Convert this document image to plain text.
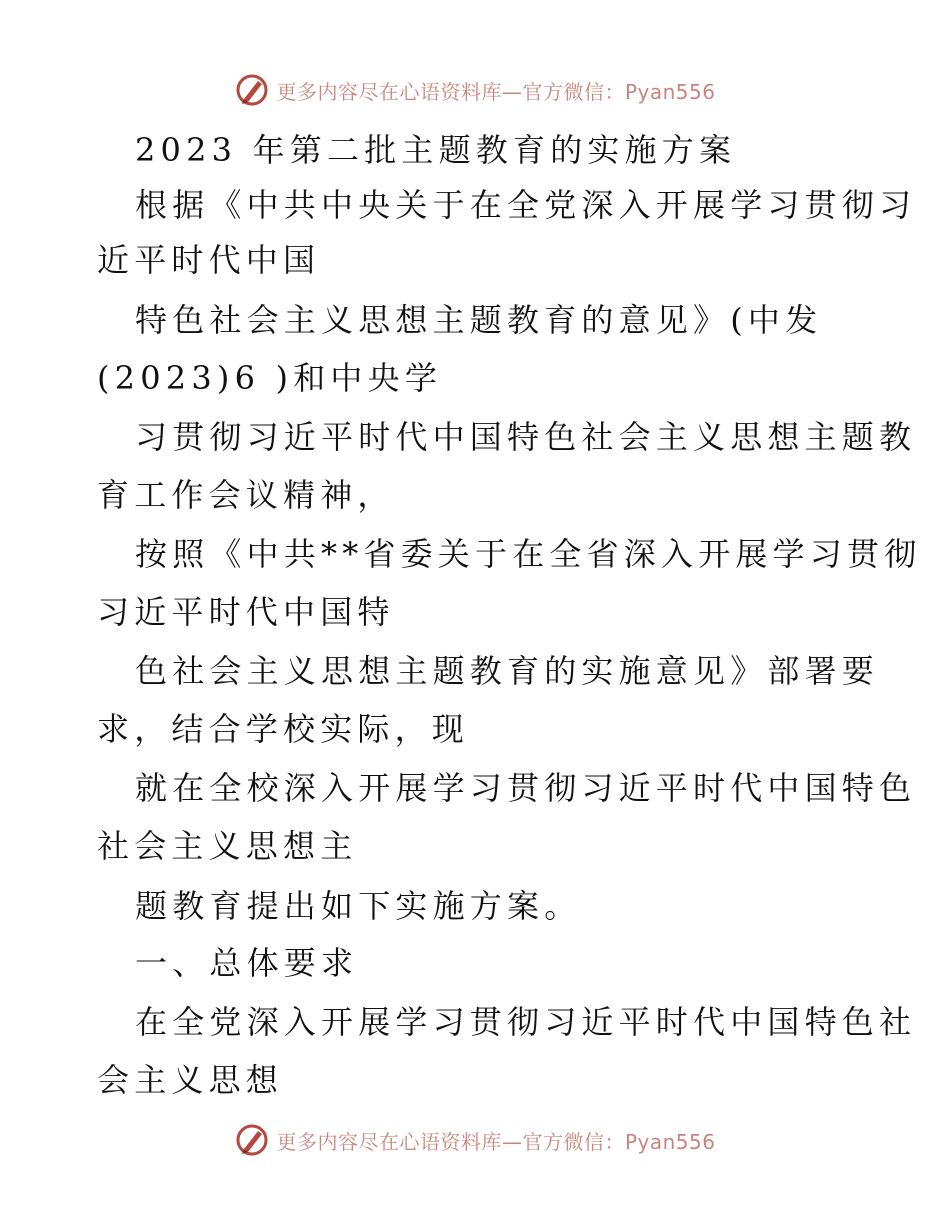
更多内容尽在心语资料库—官方微信：Pyan556
2023 年第二批主题教育的实施方案
根据《中共中央关于在全党深入开展学习贯彻习
近平时代中国
特色社会主义思想主题教育的意见》(中发
(2023)6 )和中央学
习贯彻习近平时代中国特色社会主义思想主题教
育工作会议精神，
按照《中共**省委关于在全省深入开展学习贯彻
习近平时代中国特
色社会主义思想主题教育的实施意见》部署要
求，结合学校实际，现
就在全校深入开展学习贯彻习近平时代中国特色
社会主义思想主
题教育提出如下实施方案。
一、总体要求
在全党深入开展学习贯彻习近平时代中国特色社
会主义思想
更多内容尽在心语资料库—官方微信：Pyan556
